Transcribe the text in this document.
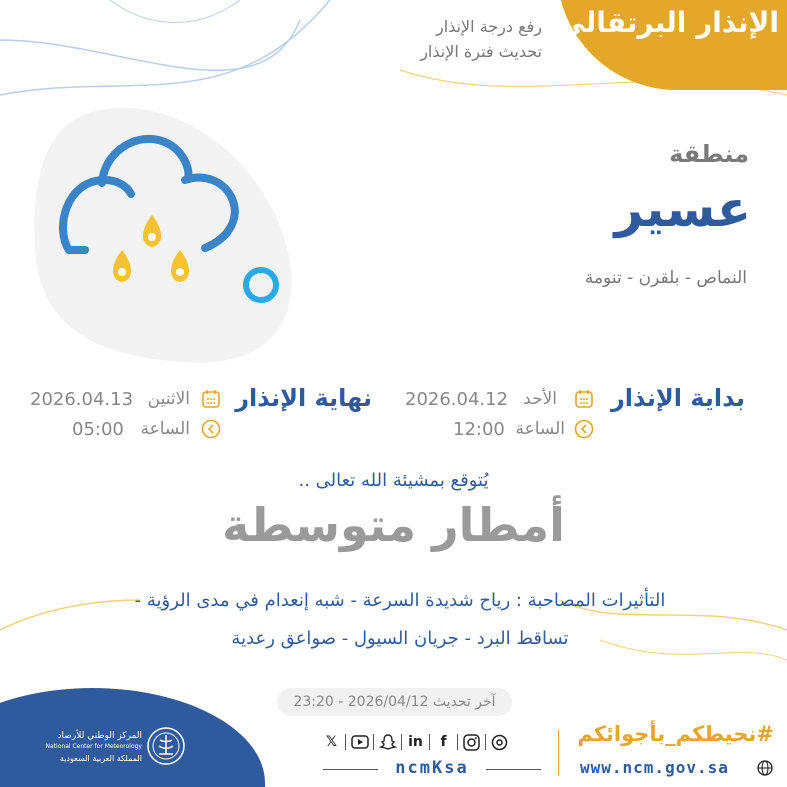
الإنذار البرتقالي
رفع درجة الإنذار
تحديث فترة الإنذار
منطقة
عسير
النماص - بلقرن - تنومة
بداية الإنذار
الأحد
2026.04.12
الساعة
12:00
نهاية الإنذار
الاثنين
2026.04.13
الساعة
05:00
يُتوقع بمشيئة الله تعالى ..
أمطار متوسطة
التأثيرات المصاحبة : رياح شديدة السرعة - شبه إنعدام في مدى الرؤية -
تساقط البرد - جريان السيول - صواعق رعدية
آخر تحديث 2026/04/12 - 23:20
المركز الوطني للأرصاد
National Center for Meteorology
المملكة العربية السعودية
𝕏	in	f
ncmKsa
#نحيطكم_بأجوائكم
www.ncm.gov.sa
